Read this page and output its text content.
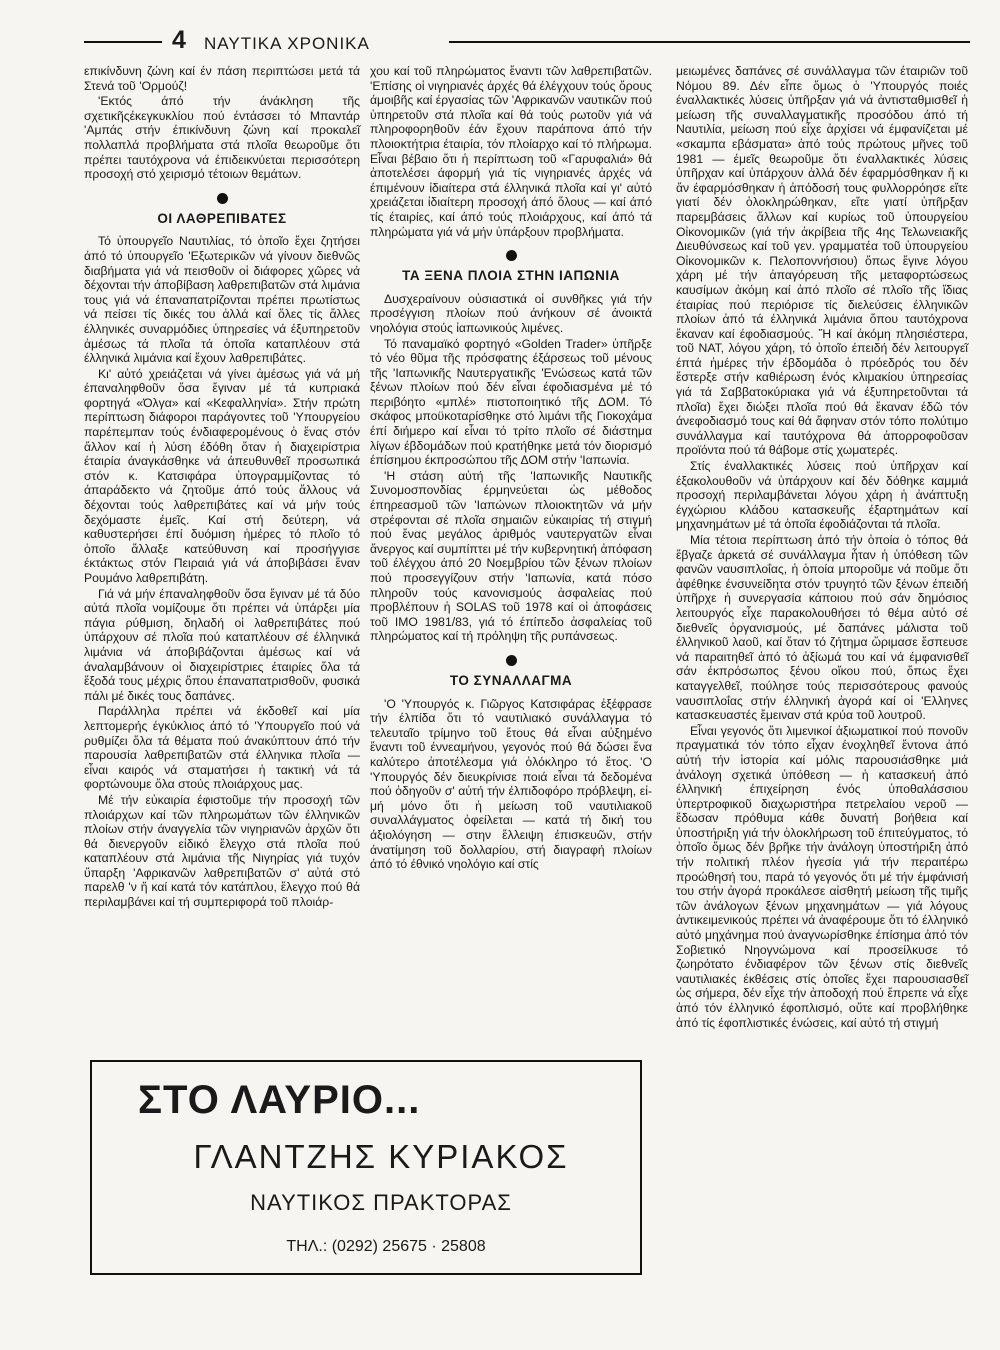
4 ΝΑΥΤΙΚΑ ΧΡΟΝΙΚΑ

επικίνδυνη ζώνη καί έν πάση περιπτώσει μετά τά Στενά τοῦ 'Ορμούζ!

'Εκτός άπό τήν άνάκληση τῆς σχετικῆςέκεγκυκλίου πού έντάσσει τό Μπαντάρ 'Αμπάς στήν έπικίνδυνη ζώνη καί προκαλεῖ πολλαπλά προβλήματα στά πλοῖα θεωροῦμε ὅτι πρέπει ταυτόχρονα νά έπιδεικνύεται περισσότερη προσοχή στό χειρισμό τέτοιων θεμάτων.

ΟΙ ΛΑΘΡΕΠΙΒΑΤΕΣ

Τό ὑπουργεῖο Ναυτιλίας, τό ὁποῖο ἔχει ζητήσει άπό τό ὑπουργεῖο 'Εξωτερικῶν νά γίνουν διεθνῶς διαβήματα γιά νά πεισθοῦν οἱ διάφορες χῶρες νά δέχονται τήν άποβίβαση λαθρεπιβατῶν στά λιμάνια τους γιά νά έπαναπατρίζονται πρέπει πρωτίστως νά πείσει τίς δικές του ἀλλά καί ὅλες τίς ἄλλες έλληνικές συναρμόδιες ὑπηρεσίες νά έξυπηρετοῦν ἀμέσως τά πλοῖα τά ὁποῖα καταπλέουν στά έλληνικά λιμάνια καί ἔχουν λαθρεπιβάτες.

Κι' αὐτό χρειάζεται νά γίνει ἀμέσως γιά νά μή έπαναληφθοῦν ὅσα ἔγιναν μέ τά κυπριακά φορτηγά «Όλγα» καί «Κεφαλληνία». Στήν πρώτη περίπτωση διάφοροι παράγοντες τοῦ 'Υπουργείου παρέπεμπαν τούς ένδιαφερομένους ὁ ἕνας στόν ἄλλον καί ἡ λύση έδόθη ὅταν ἡ διαχειρίστρια έταιρία άναγκάσθηκε νά άπευθυνθεῖ προσωπικά στόν κ. Κατσιφάρα ὑπογραμμίζοντας τό άπαράδεκτο νά ζητοῦμε άπό τούς ἄλλους νά δέχονται τούς λαθρεπιβάτες καί νά μήν τούς δεχόμαστε έμεῖς. Καί στή δεύτερη, νά καθυστερήσει έπί δυόμιση ἡμέρες τό πλοῖο τό ὁποῖο ἄλλαξε κατεύθυνση καί προσήγγισε έκτάκτως στόν Πειραιά γιά νά άποβιβάσει ἕναν Ρουμάνο λαθρεπιβάτη.

Γιά νά μήν έπαναληφθοῦν ὅσα ἔγιναν μέ τά δύο αὐτά πλοῖα νομίζουμε ὅτι πρέπει νά ὑπάρξει μία πάγια ρύθμιση, δηλαδή οἱ λαθρεπιβάτες πού ὑπάρχουν σέ πλοῖα πού καταπλέουν σέ έλληνικά λιμάνια νά άποβιβάζονται ἀμέσως καί νά άναλαμβάνουν οἱ διαχειρίστριες έταιρίες ὅλα τά ἔξοδά τους μέχρις ὅπου έπαναπατρισθοῦν, φυσικά πάλι μέ δικές τους δαπάνες.

Παράλληλα πρέπει νά έκδοθεῖ καί μία λεπτομερής έγκύκλιος άπό τό 'Υπουργεῖο πού νά ρυθμίζει ὅλα τά θέματα πού άνακύπτουν άπό τήν παρουσία λαθρεπιβατῶν στά έλληνικα πλοῖα — εἶναι καιρός νά σταματήσει ἡ τακτική νά τά φορτώνουμε ὅλα στούς πλοιάρχους μας.

Μέ τήν εὐκαιρία έφιστοῦμε τήν προσοχή τῶν πλοιάρχων καί τῶν πληρωμάτων τῶν έλληνικῶν πλοίων στήν άναγγελία τῶν νιγηριανῶν ἀρχῶν ὅτι θά διενεργοῦν εἰδικό ἔλεγχο στά πλοῖα πού καταπλέουν στά λιμάνια τῆς Νιγηρίας γιά τυχόν ὕπαρξη 'Αφρικανῶν λαθρεπιβατῶν σ' αὐτά στό παρελθ 'ν ἤ καί κατά τόν κατάπλου, ἔλεγχο πού θά περιλαμβάνει καί τή συμπεριφορά τοῦ πλοιάρ-

χου καί τοῦ πληρώματος ἔναντι τῶν λαθρεπιβατῶν. 'Επίσης οἱ νιγηριανές ἀρχές θά έλέγχουν τούς ὅρους άμοιβῆς καί έργασίας τῶν 'Αφρικανῶν ναυτικῶν πού ὑπηρετοῦν στά πλοῖα καί θά τούς ρωτοῦν γιά νά πληροφορηθοῦν έάν ἔχουν παράπονα άπό τήν πλοιοκτήτρια έταιρία, τόν πλοίαρχο καί τό πλήρωμα. Εἶναι βέβαιο ὅτι ἡ περίπτωση τοῦ «Γαρυφαλιά» θά ἀποτελέσει άφορμή γιά τίς νιγηριανές ἀρχές νά έπιμένουν ἰδιαίτερα στά έλληνικά πλοῖα καί γι' αὐτό χρειάζεται ἰδιαίτερη προσοχή άπό ὅλους — καί άπό τίς έταιρίες, καί άπό τούς πλοιάρχους, καί άπό τά πληρώματα γιά νά μήν ὑπάρξουν προβλήματα.

ΤΑ ΞΕΝΑ ΠΛΟΙΑ ΣΤΗΝ ΙΑΠΩΝΙΑ

Δυσχεραίνουν οὐσιαστικά οἱ συνθῆκες γιά τήν προσέγγιση πλοίων πού άνήκουν σέ άνοικτά νηολόγια στούς ἰαπωνικούς λιμένες.

Τό παναμαϊκό φορτηγό «Golden Trader» ὑπῆρξε τό νέο θῦμα τῆς πρόσφατης έξάρσεως τοῦ μένους τῆς 'Ιαπωνικῆς Ναυτεργατικῆς 'Ενώσεως κατά τῶν ξένων πλοίων πού δέν εἶναι έφοδιασμένα μέ τό περιβόητο «μπλέ» πιστοποιητικό τῆς ΔΟΜ. Τό σκάφος μποϋκοταρίσθηκε στό λιμάνι τῆς Γιοκοχάμα έπί διήμερο καί εἶναι τό τρίτο πλοῖο σέ διάστημα λίγων έβδομάδων πού κρατήθηκε μετά τόν διορισμό έπίσημου έκπροσώπου τῆς ΔΟΜ στήν 'Ιαπωνία.

'Η στάση αὐτή τῆς 'Ιαπωνικῆς Ναυτικῆς Συνομοσπονδίας έρμηνεύεται ὡς μέθοδος έπηρεασμοῦ τῶν 'Ιαπώνων πλοιοκτητῶν νά μήν στρέφονται σέ πλοῖα σημαιῶν εὐκαιρίας τή στιγμή πού ἕνας μεγάλος ἀριθμός ναυτεργατῶν εἶναι ἄνεργος καί συμπίπτει μέ τήν κυβερνητική ἀπόφαση τοῦ έλέγχου άπό 20 Νοεμβρίου τῶν ξένων πλοίων πού προσεγγίζουν στήν 'Ιαπωνία, κατά πόσο πληροῦν τούς κανονισμούς ἀσφαλείας πού προβλέπουν ἡ SOLAS τοῦ 1978 καί οἱ ἀποφάσεις τοῦ IMO 1981/83, γιά τό έπίπεδο ἀσφαλείας τοῦ πληρώματος καί τή πρόληψη τῆς ρυπάνσεως.

ΤΟ ΣΥΝΑΛΛΑΓΜΑ

'Ο 'Υπουργός κ. Γιῶργος Κατσιφάρας ἐξέφρασε τήν έλπίδα ὅτι τό ναυτιλιακό συνάλλαγμα τό τελευταῖο τρίμηνο τοῦ ἔτους θά εἶναι αὐξημένο ἔναντι τοῦ έννεαμήνου, γεγονός πού θά δώσει ἕνα καλύτερο ἀποτέλεσμα γιά ὁλόκληρο τό ἔτος. 'Ο 'Υπουργός δέν διευκρίνισε ποιά εἶναι τά δεδομένα πού ὁδηγοῦν σ' αὐτή τήν έλπιδοφόρο πρόβλεψη, εἰ-μή μόνο ὅτι ἡ μείωση τοῦ ναυτιλιακοῦ συναλλάγματος ὀφείλεται — κατά τή δική του άξιολόγηση — στην ἔλλειψη έπισκευῶν, στήν άνατίμηση τοῦ δολλαρίου, στή διαγραφή πλοίων άπό τό έθνικό νηολόγιο καί στίς

μειωμένες δαπάνες σέ συνάλλαγμα τῶν έταιριῶν τοῦ Νόμου 89. Δέν εἶπε ὅμως ὁ 'Υπουργός ποιές έναλλακτικές λύσεις ὑπῆρξαν γιά νά ἀντισταθμισθεῖ ἡ μείωση τῆς συναλλαγματικῆς προσόδου άπό τή Ναυτιλία, μείωση πού εἶχε ἀρχίσει νά έμφανίζεται μέ «σκαμπα εβάσματα» ἀπό τούς πρώτους μῆνες τοῦ 1981 — έμεῖς θεωροῦμε ὅτι έναλλακτικές λύσεις ὑπῆρχαν καί ὑπάρχουν ἀλλά δέν έφαρμόσθηκαν ἤ κι ἄν έφαρμόσθηκαν ἡ ἀπόδοσή τους φυλλορρόησε εἴτε γιατί δέν ὁλοκληρώθηκαν, εἴτε γιατί ὑπῆρξαν παρεμβάσεις ἄλλων καί κυρίως τοῦ ὑπουργείου Οἰκονομικῶν (γιά τήν ἀκρίβεια τῆς 4ης Τελωνειακῆς Διευθύνσεως καί τοῦ γεν. γραμματέα τοῦ ὑπουργείου Οἰκονομικῶν κ. Πελοποννήσιου) ὅπως ἔγινε λόγου χάρη μέ τήν ἀπαγόρευση τῆς μεταφορτώσεως καυσίμων ἀκόμη καί ἀπό πλοῖο σέ πλοῖο τῆς ἴδιας έταιρίας πού περιόρισε τίς διελεύσεις έλληνικῶν πλοίων ἀπό τά έλληνικά λιμάνια ὅπου ταυτόχρονα ἔκαναν καί έφοδιασμούς. Ἤ καί ἀκόμη πλησιέστερα, τοῦ NAT, λόγου χάρη, τό ὁποῖο έπειδή δέν λειτουργεῖ έπτά ἡμέρες τήν έβδομάδα ὁ πρόεδρός του δέν ἔστερξε στήν καθιέρωση ένός κλιμακίου ὑπηρεσίας γιά τά Σαββατοκύριακα γιά νά έξυπηρετοῦνται τά πλοῖα) ἔχει διώξει πλοῖα πού θά ἔκαναν έδῶ τόν άνεφοδιασμό τους καί θά ἄφηναν στόν τόπο πολύτιμο συνάλλαγμα καί ταυτόχρονα θά ἀπορροφοῦσαν προϊόντα πού τά θάβομε στίς χωματερές.

Στίς έναλλακτικές λύσεις πού ὑπῆρχαν καί έξακολουθοῦν νά ὑπάρχουν καί δέν δόθηκε καμμιά προσοχή περιλαμβάνεται λόγου χάρη ἡ ἀνάπτυξη έγχώριου κλάδου κατασκευῆς έξαρτημάτων καί μηχανημάτων μέ τά ὁποῖα έφοδιάζονται τά πλοῖα.

Μία τέτοια περίπτωση ἀπό τήν ὁποία ὁ τόπος θά ἔβγαζε ἀρκετά σέ συνάλλαγμα ἦταν ἡ ὑπόθεση τῶν φανῶν ναυσιπλοΐας, ἡ ὁποία μποροῦμε νά ποῦμε ὅτι ἀφέθηκε ένσυνείδητα στόν τρυγητό τῶν ξένων έπειδή ὑπῆρχε ἡ συνεργασία κάποιου πού σάν δημόσιος λειτουργός εἶχε παρακολουθήσει τό θέμα αὐτό σέ διεθνεῖς ὀργανισμούς, μέ δαπάνες μάλιστα τοῦ έλληνικοῦ λαοῦ, καί ὅταν τό ζήτημα ὥριμασε ἔσπευσε νά παραιτηθεῖ ἀπό τό ἀξίωμά του καί νά έμφανισθεῖ σάν έκπρόσωπος ξένου οἴκου πού, ὅπως ἔχει καταγγελθεῖ, πούλησε τούς περισσότερους φανούς ναυσιπλοΐας στήν έλληνική ἀγορά καί οἱ 'Ελληνες κατασκευαστές ἔμειναν στά κρύα τοῦ λουτροῦ.

Εἶναι γεγονός ὅτι λιμενικοί ἀξιωματικοί πού πονοῦν πραγματικά τόν τόπο εἶχαν ένοχληθεῖ ἔντονα ἀπό αὐτή τήν ἱστορία καί μόλις παρουσιάσθηκε μιά ἀνάλογη σχετικά ὑπόθεση — ἡ κατασκευή ἀπό έλληνική έπιχείρηση ένός ὑποθαλάσσιου ὑπερτροφικοῦ διαχωριστήρα πετρελαίου νεροῦ — ἔδωσαν πρόθυμα κάθε δυνατή βοήθεια καί ὑποστήριξη γιά τήν ὁλοκλήρωση τοῦ έπιτεύγματος, τό ὁποῖο ὅμως δέν βρῆκε τήν ἀνάλογη ὑποστήριξη ἀπό τήν πολιτική πλέον ἡγεσία γιά τήν περαιτέρω προώθησή του, παρά τό γεγονός ὅτι μέ τήν έμφάνισή του στήν ἀγορά προκάλεσε αἰσθητή μείωση τῆς τιμῆς τῶν ἀνάλογων ξένων μηχανημάτων — γιά λόγους ἀντικειμενικούς πρέπει νά ἀναφέρουμε ὅτι τό έλληνικό αὐτό μηχάνημα πού ἀναγνωρίσθηκε έπίσημα ἀπό τόν Σοβιετικό Νηογνώμονα καί προσείλκυσε τό ζωηρότατο ένδιαφέρον τῶν ξένων στίς διεθνεῖς ναυτιλιακές έκθέσεις στίς ὁποῖες ἔχει παρουσιασθεῖ ὡς σήμερα, δέν εἶχε τήν ἀποδοχή πού ἔπρεπε νά εἶχε ἀπό τόν έλληνικό έφοπλισμό, οὔτε καί προβλήθηκε ἀπό τίς έφοπλιστικές ένώσεις, καί αὐτό τή στιγμή

ΣΤΟ ΛΑΥΡΙΟ...
ΓΛΑΝΤΖΗΣ ΚΥΡΙΑΚΟΣ
ΝΑΥΤΙΚΟΣ ΠΡΑΚΤΟΡΑΣ
ΤΗΛ.: (0292) 25675 · 25808
